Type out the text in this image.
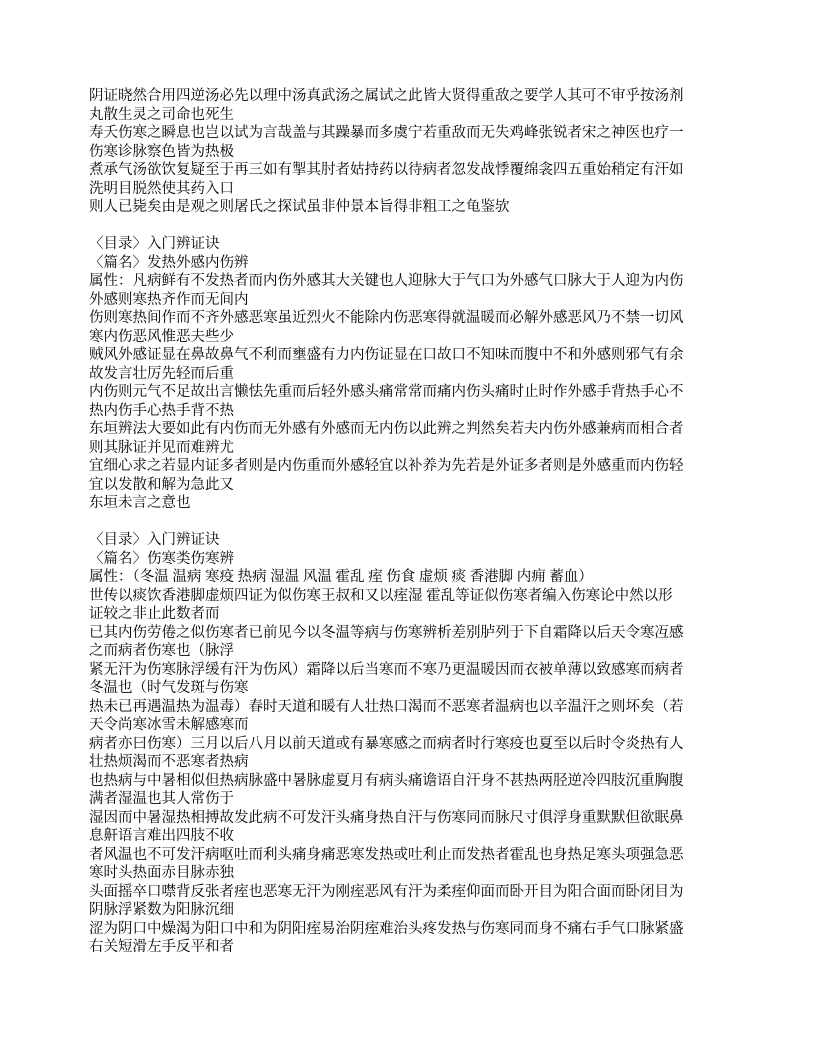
阴证晓然合用四逆汤必先以理中汤真武汤之属试之此皆大贤得重敌之要学人其可不审乎按汤剂
丸散生灵之司命也死生
寿夭伤寒之瞬息也岂以试为言哉盖与其躁暴而多虞宁若重敌而无失鸡峰张锐者宋之神医也疗一
伤寒诊脉察色皆为热极
煮承气汤欲饮复疑至于再三如有掣其肘者姑持药以待病者忽发战悸覆绵衾四五重始稍定有汗如
洗明目脱然使其药入口
则人已毙矣由是观之则屠氏之探试虽非仲景本旨得非粗工之龟鉴欤
〈目录〉入门辨证诀
〈篇名〉发热外感内伤辨
属性：凡病鲜有不发热者而内伤外感其大关键也人迎脉大于气口为外感气口脉大于人迎为内伤
外感则寒热齐作而无间内
伤则寒热间作而不齐外感恶寒虽近烈火不能除内伤恶寒得就温暖而必解外感恶风乃不禁一切风
寒内伤恶风惟恶夫些少
贼风外感证显在鼻故鼻气不利而壅盛有力内伤证显在口故口不知味而腹中不和外感则邪气有余
故发言壮厉先轻而后重
内伤则元气不足故出言懒怯先重而后轻外感头痛常常而痛内伤头痛时止时作外感手背热手心不
热内伤手心热手背不热
东垣辨法大要如此有内伤而无外感有外感而无内伤以此辨之判然矣若夫内伤外感兼病而相合者
则其脉证并见而难辨尤
宜细心求之若显内证多者则是内伤重而外感轻宜以补养为先若是外证多者则是外感重而内伤轻
宜以发散和解为急此又
东垣未言之意也
〈目录〉入门辨证诀
〈篇名〉伤寒类伤寒辨
属性：（冬温 温病 寒疫 热病 湿温 风温 霍乱 痓 伤食 虚烦 痰 香港脚 内痈 蓄血）
世传以痰饮香港脚虚烦四证为似伤寒王叔和又以痓湿 霍乱等证似伤寒者编入伤寒论中然以形
证较之非止此数者而
已其内伤劳倦之似伤寒者已前见今以冬温等病与伤寒辨析差别胪列于下自霜降以后天令寒冱感
之而病者伤寒也（脉浮
紧无汗为伤寒脉浮缓有汗为伤风）霜降以后当寒而不寒乃更温暖因而衣被单薄以致感寒而病者
冬温也（时气发斑与伤寒
热未已再遇温热为温毒）春时天道和暖有人壮热口渴而不恶寒者温病也以辛温汗之则坏矣（若
天令尚寒冰雪未解感寒而
病者亦曰伤寒）三月以后八月以前天道或有暴寒感之而病者时行寒疫也夏至以后时令炎热有人
壮热烦渴而不恶寒者热病
也热病与中暑相似但热病脉盛中暑脉虚夏月有病头痛谵语自汗身不甚热两胫逆冷四肢沉重胸腹
满者湿温也其人常伤于
湿因而中暑湿热相搏故发此病不可发汗头痛身热自汗与伤寒同而脉尺寸俱浮身重默默但欲眠鼻
息鼾语言难出四肢不收
者风温也不可发汗病呕吐而利头痛身痛恶寒发热或吐利止而发热者霍乱也身热足寒头项强急恶
寒时头热面赤目脉赤独
头面摇卒口噤背反张者痓也恶寒无汗为刚痓恶风有汗为柔痓仰面而卧开目为阳合面而卧闭目为
阴脉浮紧数为阳脉沉细
涩为阴口中燥渴为阳口中和为阴阳痓易治阴痓难治头疼发热与伤寒同而身不痛右手气口脉紧盛
右关短滑左手反平和者
